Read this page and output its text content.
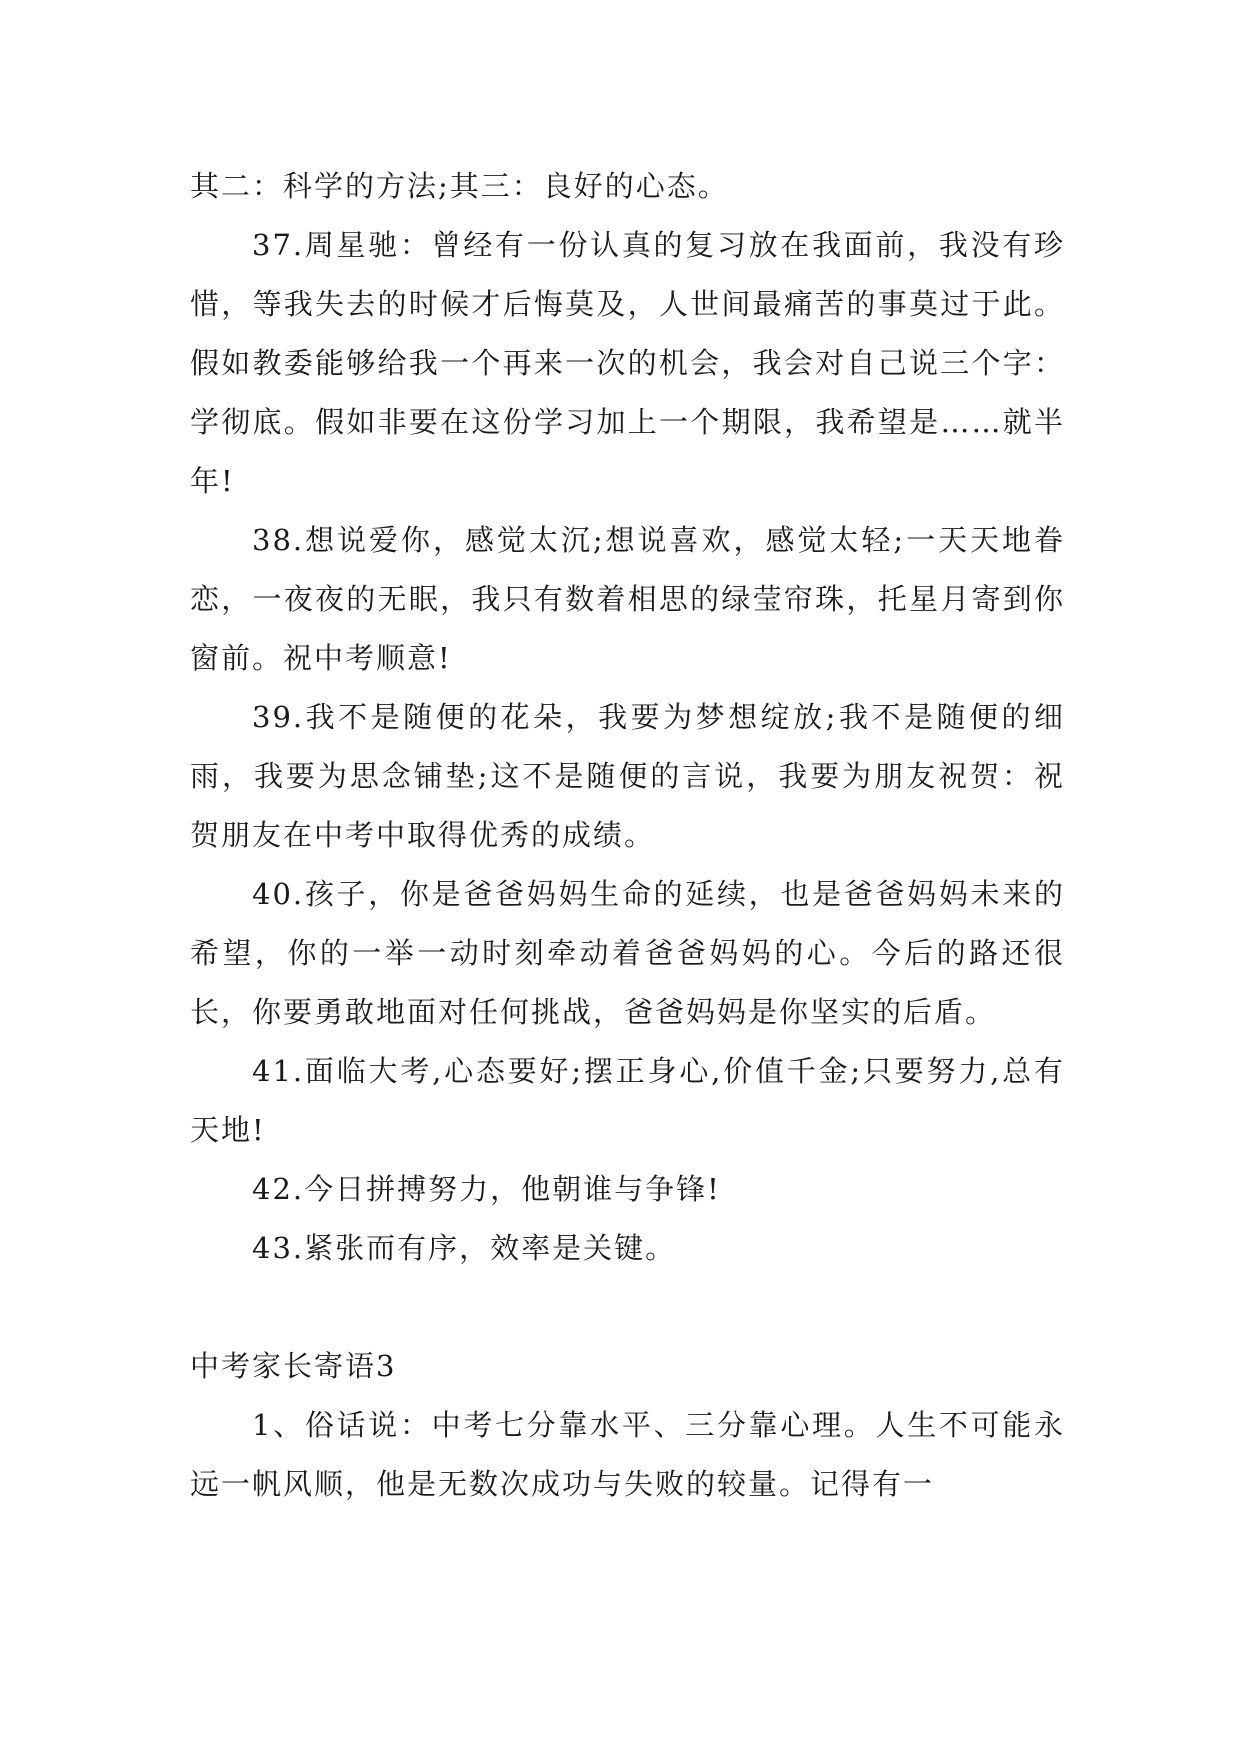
其二：科学的方法;其三：良好的心态。

37.周星驰：曾经有一份认真的复习放在我面前，我没有珍惜，等我失去的时候才后悔莫及，人世间最痛苦的事莫过于此。假如教委能够给我一个再来一次的机会，我会对自己说三个字：学彻底。假如非要在这份学习加上一个期限，我希望是……就半年!

38.想说爱你，感觉太沉;想说喜欢，感觉太轻;一天天地眷恋，一夜夜的无眠，我只有数着相思的绿莹帘珠，托星月寄到你窗前。祝中考顺意!

39.我不是随便的花朵，我要为梦想绽放;我不是随便的细雨，我要为思念铺垫;这不是随便的言说，我要为朋友祝贺：祝贺朋友在中考中取得优秀的成绩。

40.孩子，你是爸爸妈妈生命的延续，也是爸爸妈妈未来的希望，你的一举一动时刻牵动着爸爸妈妈的心。今后的路还很长，你要勇敢地面对任何挑战，爸爸妈妈是你坚实的后盾。

41.面临大考,心态要好;摆正身心,价值千金;只要努力,总有天地!

42.今日拼搏努力，他朝谁与争锋!

43.紧张而有序，效率是关键。

中考家长寄语3

1、俗话说：中考七分靠水平、三分靠心理。人生不可能永远一帆风顺，他是无数次成功与失败的较量。记得有一
